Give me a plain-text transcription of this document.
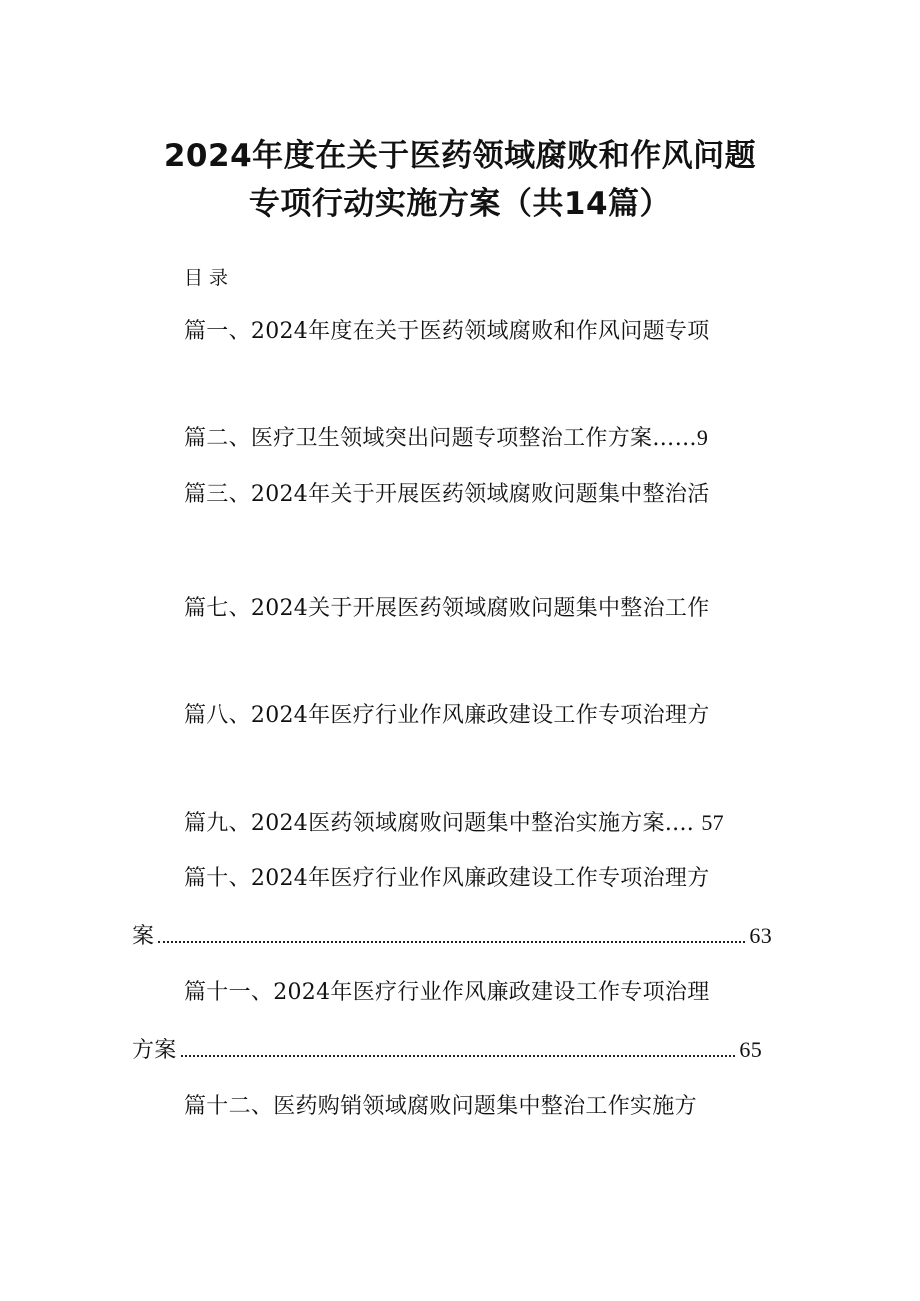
2024年度在关于医药领域腐败和作风问题
专项行动实施方案（共14篇）
目录
篇一、2024年度在关于医药领域腐败和作风问题专项
篇二、医疗卫生领域突出问题专项整治工作方案……9
篇三、2024年关于开展医药领域腐败问题集中整治活
篇七、2024关于开展医药领域腐败问题集中整治工作
篇八、2024年医疗行业作风廉政建设工作专项治理方
篇九、2024医药领域腐败问题集中整治实施方案.... 57
篇十、2024年医疗行业作风廉政建设工作专项治理方
案	63
篇十一、2024年医疗行业作风廉政建设工作专项治理
方案	65
篇十二、医药购销领域腐败问题集中整治工作实施方
